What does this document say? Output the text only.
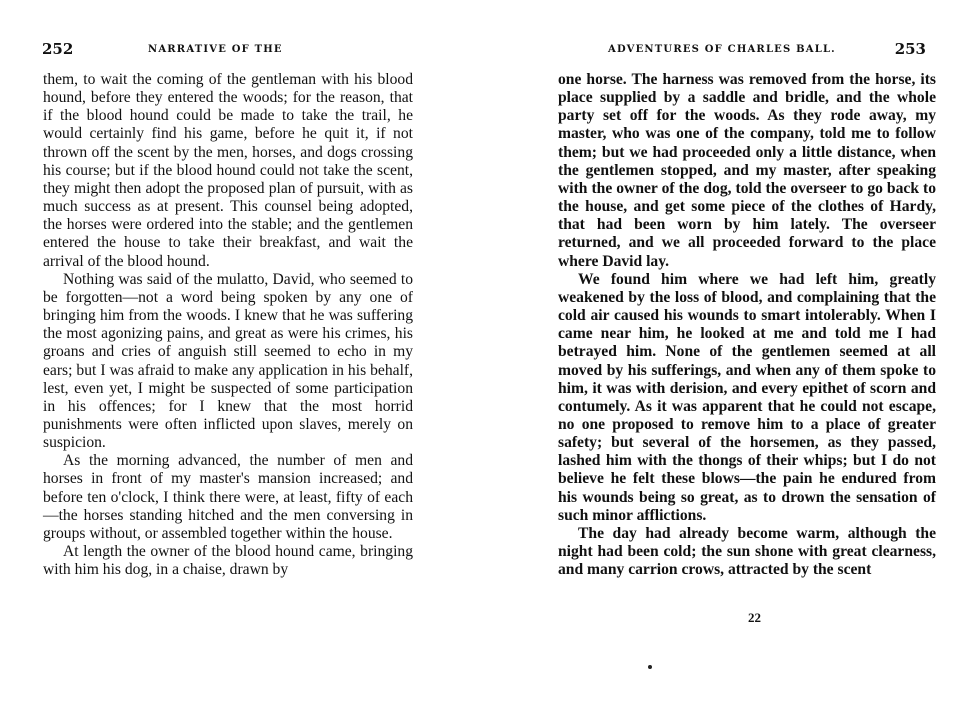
252	NARRATIVE OF THE

them, to wait the coming of the gentleman with his blood hound, before they entered the woods; for the reason, that if the blood hound could be made to take the trail, he would certainly find his game, before he quit it, if not thrown off the scent by the men, horses, and dogs crossing his course; but if the blood hound could not take the scent, they might then adopt the proposed plan of pursuit, with as much success as at present. This counsel being adopted, the horses were ordered into the stable; and the gentlemen entered the house to take their breakfast, and wait the arrival of the blood hound.

Nothing was said of the mulatto, David, who seemed to be forgotten—not a word being spoken by any one of bringing him from the woods. I knew that he was suffering the most agonizing pains, and great as were his crimes, his groans and cries of anguish still seemed to echo in my ears; but I was afraid to make any application in his behalf, lest, even yet, I might be suspected of some participation in his offences; for I knew that the most horrid punishments were often inflicted upon slaves, merely on suspicion.

As the morning advanced, the number of men and horses in front of my master's mansion increased; and before ten o'clock, I think there were, at least, fifty of each—the horses standing hitched and the men conversing in groups without, or assembled together within the house.

At length the owner of the blood hound came, bringing with him his dog, in a chaise, drawn by

ADVENTURES OF CHARLES BALL.	253

one horse. The harness was removed from the horse, its place supplied by a saddle and bridle, and the whole party set off for the woods. As they rode away, my master, who was one of the company, told me to follow them; but we had proceeded only a little distance, when the gentlemen stopped, and my master, after speaking with the owner of the dog, told the overseer to go back to the house, and get some piece of the clothes of Hardy, that had been worn by him lately. The overseer returned, and we all proceeded forward to the place where David lay.

We found him where we had left him, greatly weakened by the loss of blood, and complaining that the cold air caused his wounds to smart intolerably. When I came near him, he looked at me and told me I had betrayed him. None of the gentlemen seemed at all moved by his sufferings, and when any of them spoke to him, it was with derision, and every epithet of scorn and contumely. As it was apparent that he could not escape, no one proposed to remove him to a place of greater safety; but several of the horsemen, as they passed, lashed him with the thongs of their whips; but I do not believe he felt these blows—the pain he endured from his wounds being so great, as to drown the sensation of such minor afflictions.

The day had already become warm, although the night had been cold; the sun shone with great clearness, and many carrion crows, attracted by the scent

22
